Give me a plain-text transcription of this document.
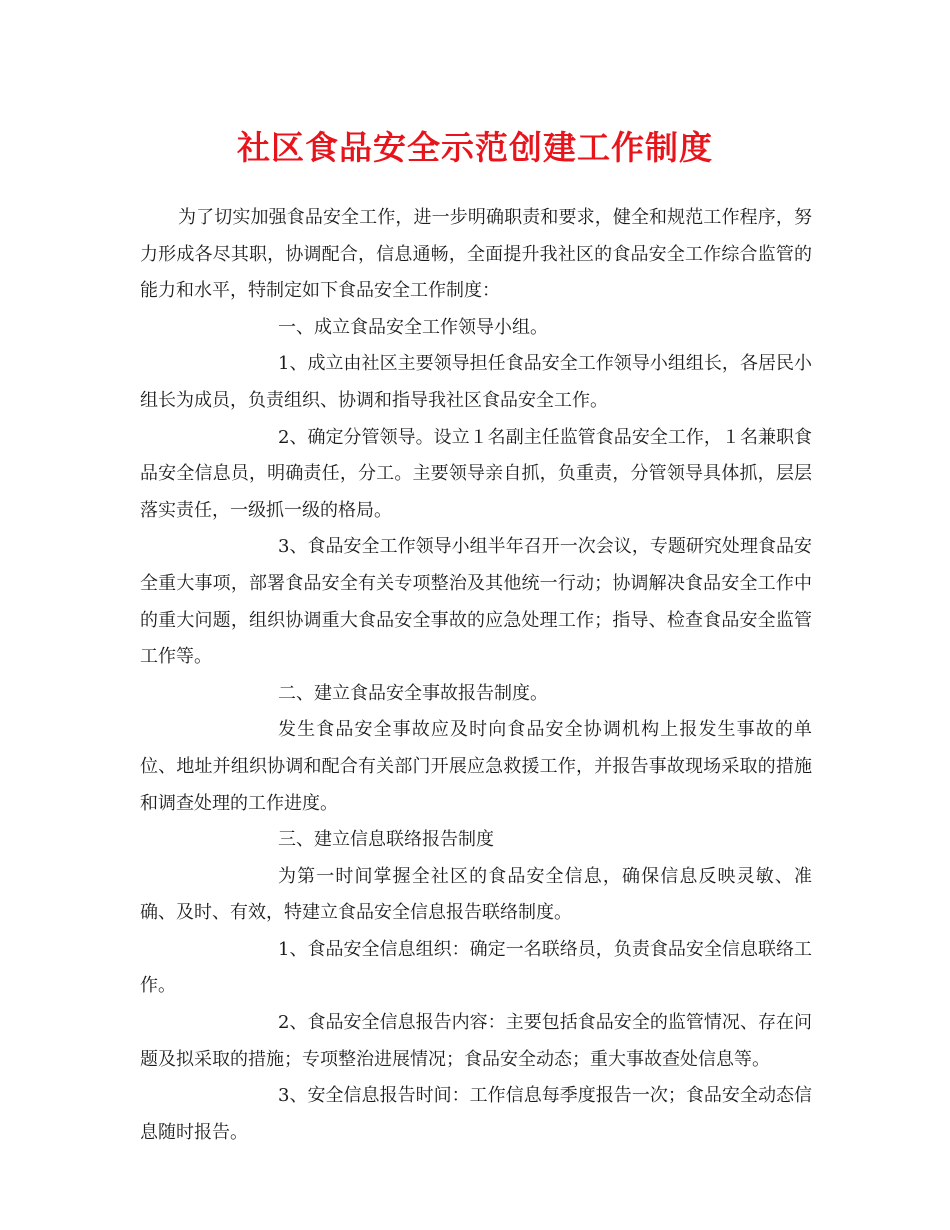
社区食品安全示范创建工作制度

为了切实加强食品安全工作，进一步明确职责和要求，健全和规范工作程序，努力形成各尽其职，协调配合，信息通畅，全面提升我社区的食品安全工作综合监管的能力和水平，特制定如下食品安全工作制度：

一、成立食品安全工作领导小组。

1、成立由社区主要领导担任食品安全工作领导小组组长，各居民小组长为成员，负责组织、协调和指导我社区食品安全工作。

2、确定分管领导。设立１名副主任监管食品安全工作，１名兼职食品安全信息员，明确责任，分工。主要领导亲自抓，负重责，分管领导具体抓，层层落实责任，一级抓一级的格局。

3、食品安全工作领导小组半年召开一次会议，专题研究处理食品安全重大事项，部署食品安全有关专项整治及其他统一行动；协调解决食品安全工作中的重大问题，组织协调重大食品安全事故的应急处理工作；指导、检查食品安全监管工作等。

二、建立食品安全事故报告制度。

发生食品安全事故应及时向食品安全协调机构上报发生事故的单位、地址并组织协调和配合有关部门开展应急救援工作，并报告事故现场采取的措施和调查处理的工作进度。

三、建立信息联络报告制度

为第一时间掌握全社区的食品安全信息，确保信息反映灵敏、准确、及时、有效，特建立食品安全信息报告联络制度。

1、食品安全信息组织：确定一名联络员，负责食品安全信息联络工作。

2、食品安全信息报告内容：主要包括食品安全的监管情况、存在问题及拟采取的措施；专项整治进展情况；食品安全动态；重大事故查处信息等。

3、安全信息报告时间：工作信息每季度报告一次；食品安全动态信息随时报告。
